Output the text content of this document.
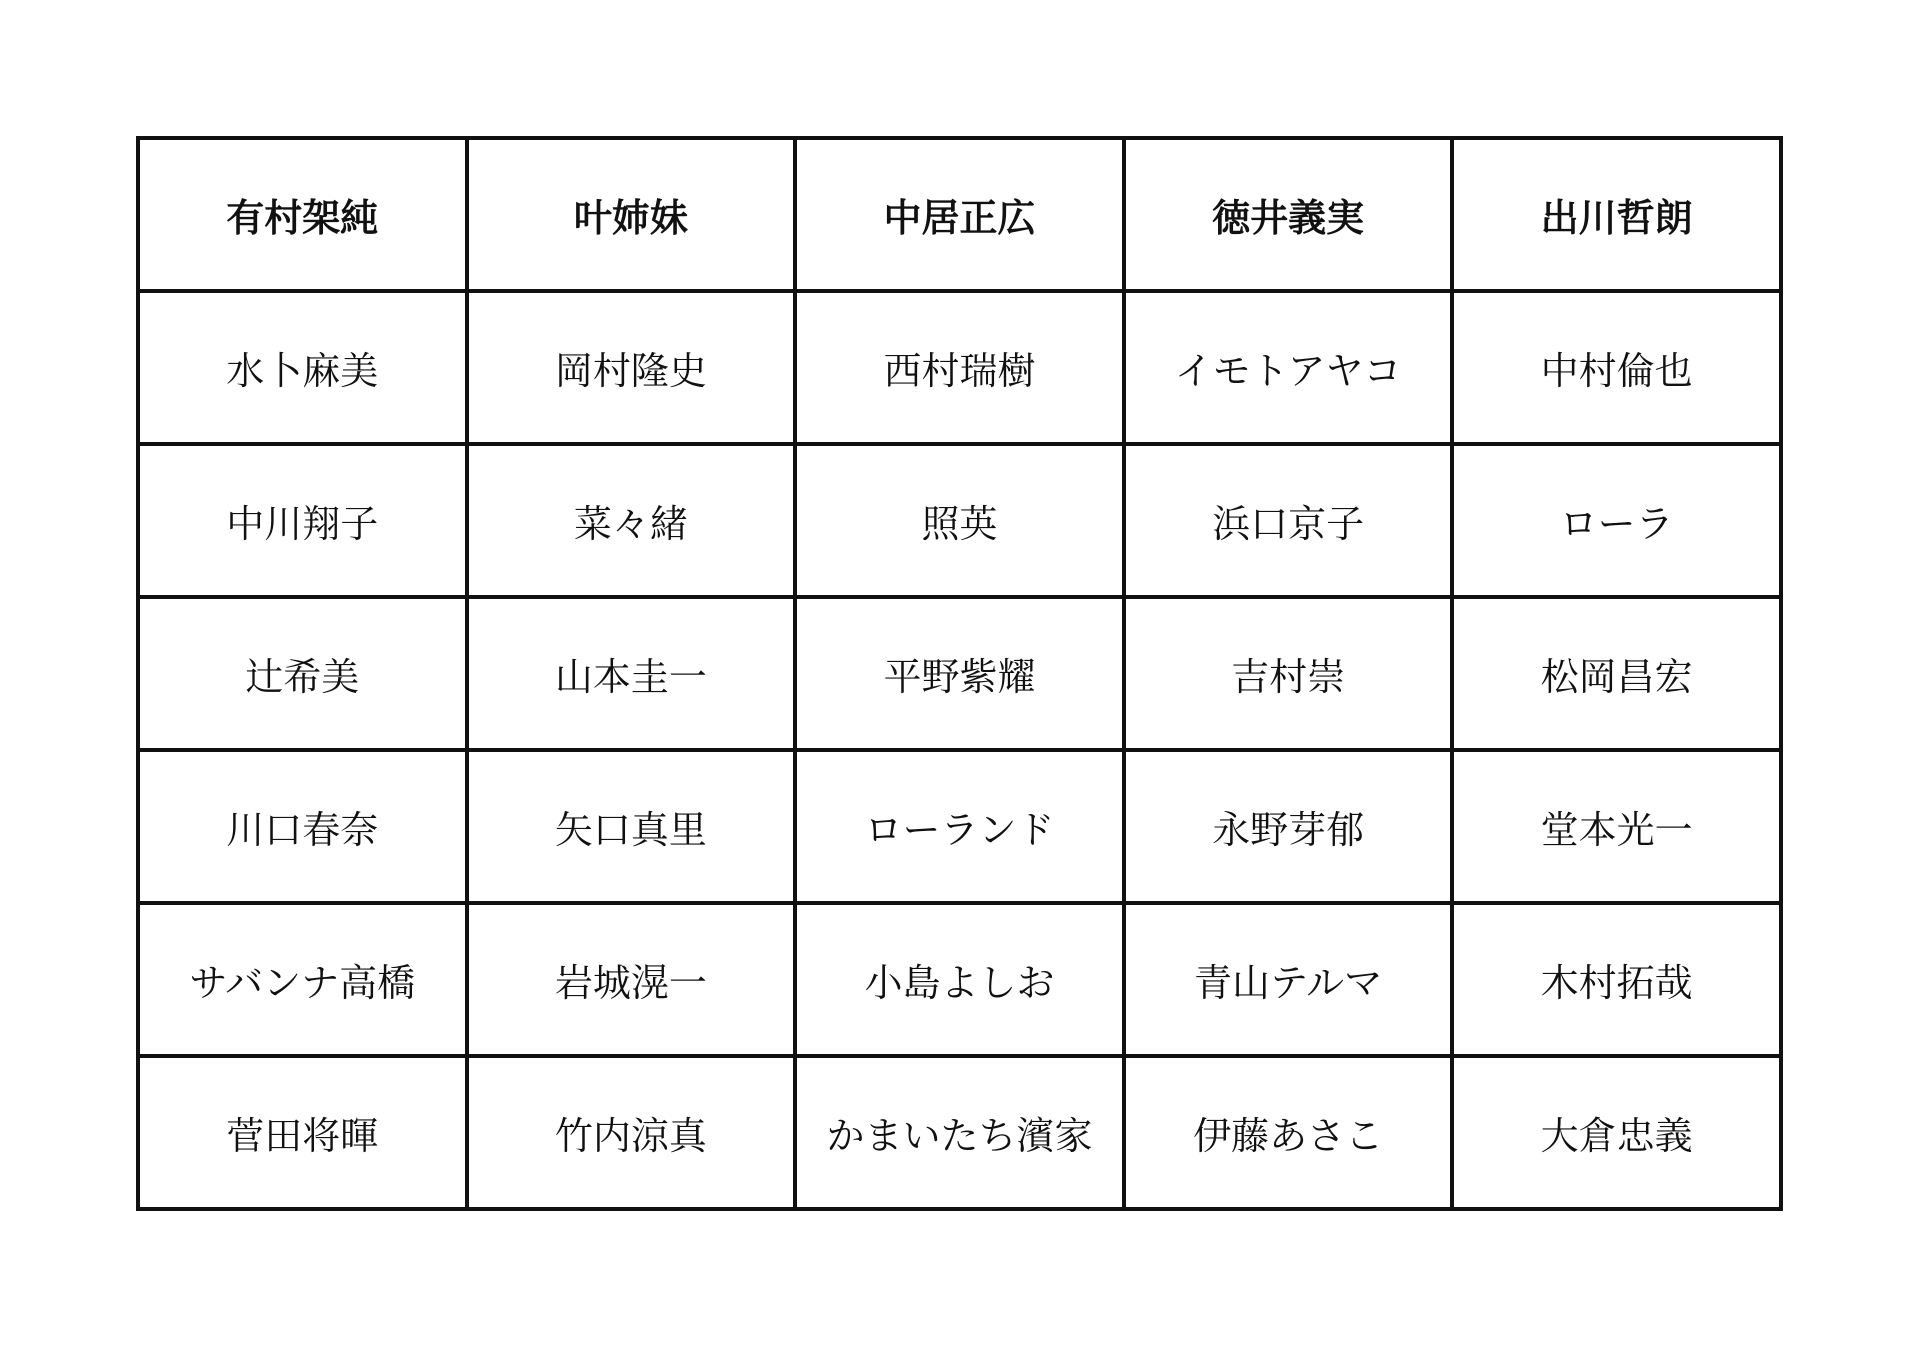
有村架純	叶姉妹	中居正広	徳井義実	出川哲朗
水卜麻美	岡村隆史	西村瑞樹	イモトアヤコ	中村倫也
中川翔子	菜々緒	照英	浜口京子	ローラ
辻希美	山本圭一	平野紫耀	吉村崇	松岡昌宏
川口春奈	矢口真里	ローランド	永野芽郁	堂本光一
サバンナ高橋	岩城滉一	小島よしお	青山テルマ	木村拓哉
菅田将暉	竹内涼真	かまいたち濱家	伊藤あさこ	大倉忠義
